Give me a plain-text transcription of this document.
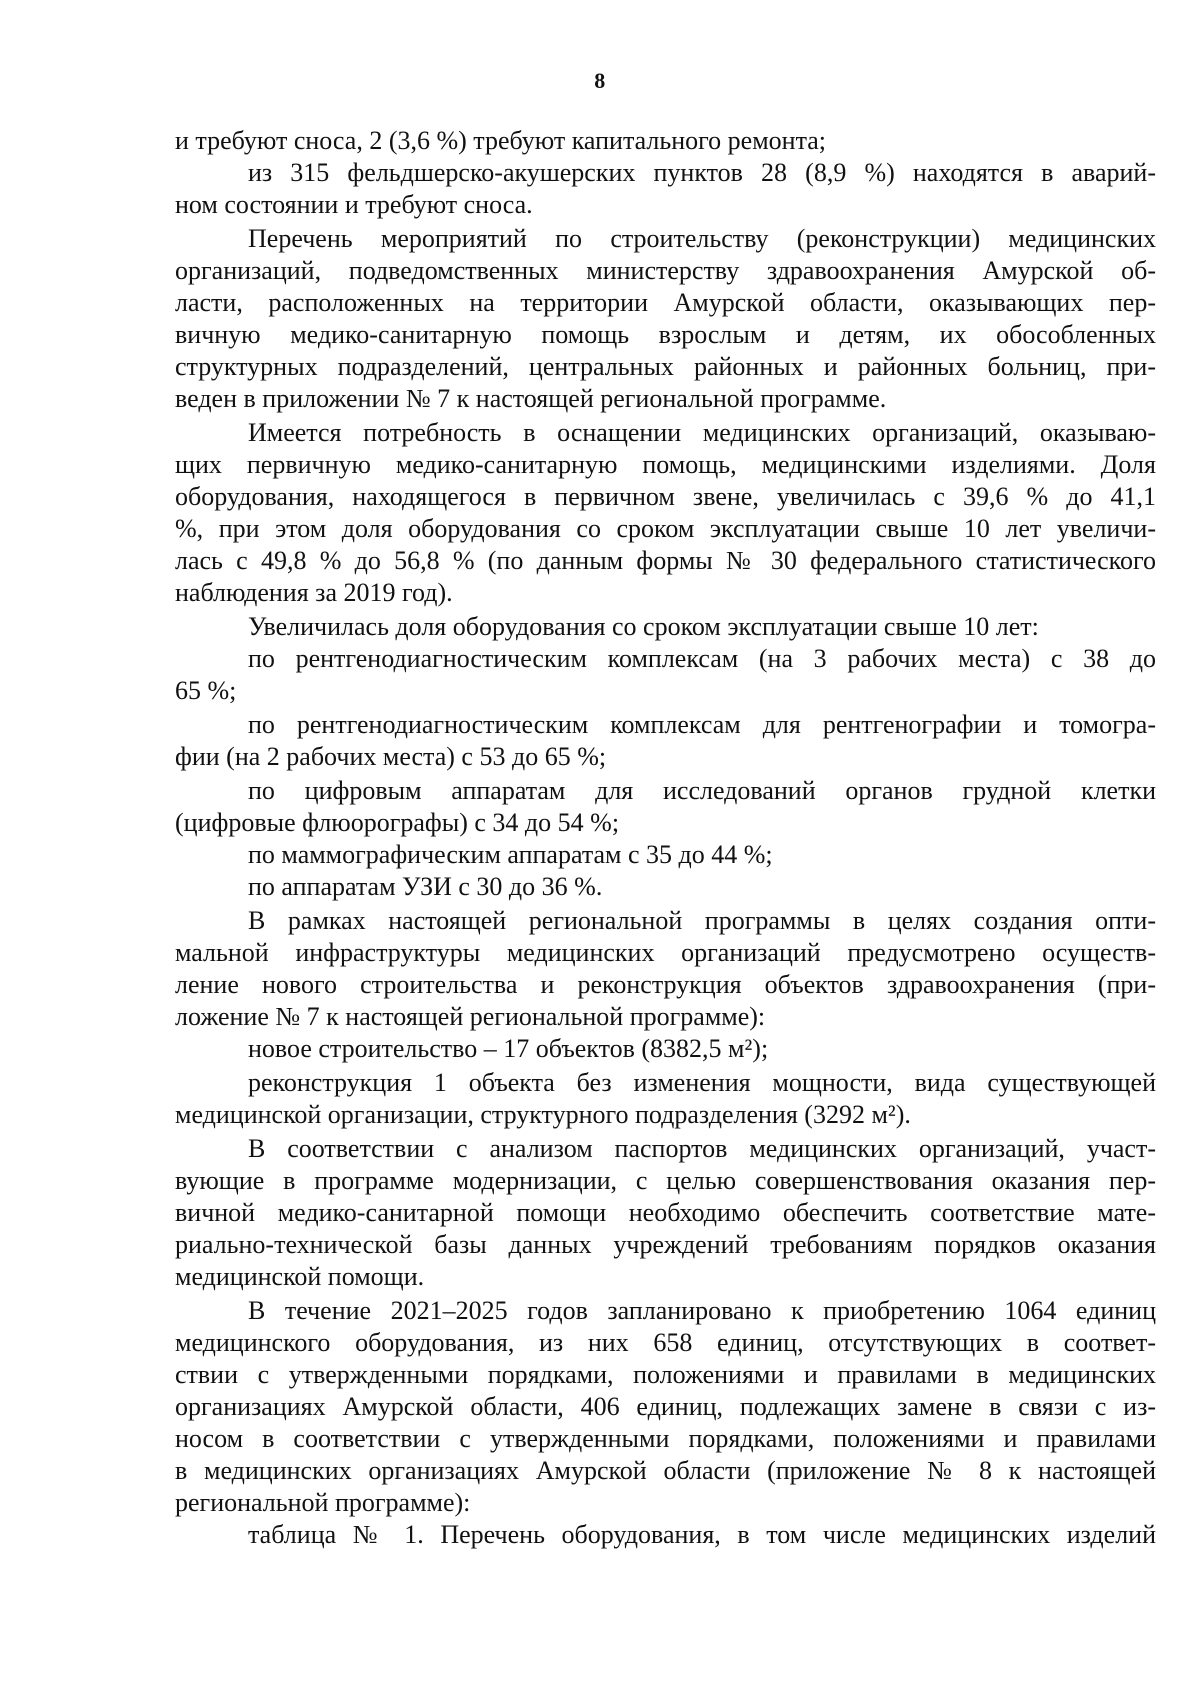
8
и требуют сноса, 2 (3,6 %) требуют капитального ремонта;
из 315 фельдшерско-акушерских пунктов 28 (8,9 %) находятся в аварий-
ном состоянии и требуют сноса.
Перечень мероприятий по строительству (реконструкции) медицинских
организаций, подведомственных министерству здравоохранения Амурской об-
ласти, расположенных на территории Амурской области, оказывающих пер-
вичную медико-санитарную помощь взрослым и детям, их обособленных
структурных подразделений, центральных районных и районных больниц, при-
веден в приложении № 7 к настоящей региональной программе.
Имеется потребность в оснащении медицинских организаций, оказываю-
щих первичную медико-санитарную помощь, медицинскими изделиями. Доля
оборудования, находящегося в первичном звене, увеличилась с 39,6 % до 41,1
%, при этом доля оборудования со сроком эксплуатации свыше 10 лет увеличи-
лась с 49,8 % до 56,8 % (по данным формы № 30 федерального статистического
наблюдения за 2019 год).
Увеличилась доля оборудования со сроком эксплуатации свыше 10 лет:
по рентгенодиагностическим комплексам (на 3 рабочих места) с 38 до
65 %;
по рентгенодиагностическим комплексам для рентгенографии и томогра-
фии (на 2 рабочих места) с 53 до 65 %;
по цифровым аппаратам для исследований органов грудной клетки
(цифровые флюорографы) с 34 до 54 %;
по маммографическим аппаратам с 35 до 44 %;
по аппаратам УЗИ с 30 до 36 %.
В рамках настоящей региональной программы в целях создания опти-
мальной инфраструктуры медицинских организаций предусмотрено осуществ-
ление нового строительства и реконструкция объектов здравоохранения (при-
ложение № 7 к настоящей региональной программе):
новое строительство – 17 объектов (8382,5 м²);
реконструкция 1 объекта без изменения мощности, вида существующей
медицинской организации, структурного подразделения (3292 м²).
В соответствии с анализом паспортов медицинских организаций, участ-
вующие в программе модернизации, с целью совершенствования оказания пер-
вичной медико-санитарной помощи необходимо обеспечить соответствие мате-
риально-технической базы данных учреждений требованиям порядков оказания
медицинской помощи.
В течение 2021–2025 годов запланировано к приобретению 1064 единиц
медицинского оборудования, из них 658 единиц, отсутствующих в соответ-
ствии с утвержденными порядками, положениями и правилами в медицинских
организациях Амурской области, 406 единиц, подлежащих замене в связи с из-
носом в соответствии с утвержденными порядками, положениями и правилами
в медицинских организациях Амурской области (приложение № 8 к настоящей
региональной программе):
таблица № 1. Перечень оборудования, в том числе медицинских изделий
